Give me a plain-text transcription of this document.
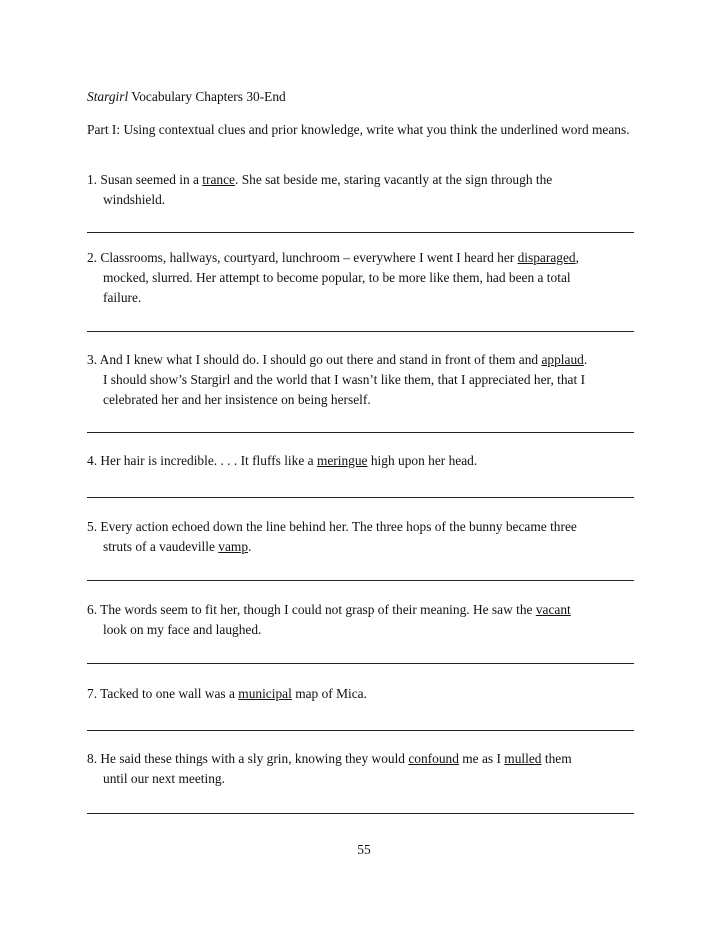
Stargirl Vocabulary Chapters 30-End
Part I: Using contextual clues and prior knowledge, write what you think the underlined word means.
1. Susan seemed in a trance. She sat beside me, staring vacantly at the sign through the
windshield.
2. Classrooms, hallways, courtyard, lunchroom – everywhere I went I heard her disparaged,
mocked, slurred. Her attempt to become popular, to be more like them, had been a total
failure.
3. And I knew what I should do. I should go out there and stand in front of them and applaud.
I should show’s Stargirl and the world that I wasn’t like them, that I appreciated her, that I
celebrated her and her insistence on being herself.
4. Her hair is incredible. . . . It fluffs like a meringue high upon her head.
5. Every action echoed down the line behind her. The three hops of the bunny became three
struts of a vaudeville vamp.
6. The words seem to fit her, though I could not grasp of their meaning. He saw the vacant
look on my face and laughed.
7. Tacked to one wall was a municipal map of Mica.
8. He said these things with a sly grin, knowing they would confound me as I mulled them
until our next meeting.
55
